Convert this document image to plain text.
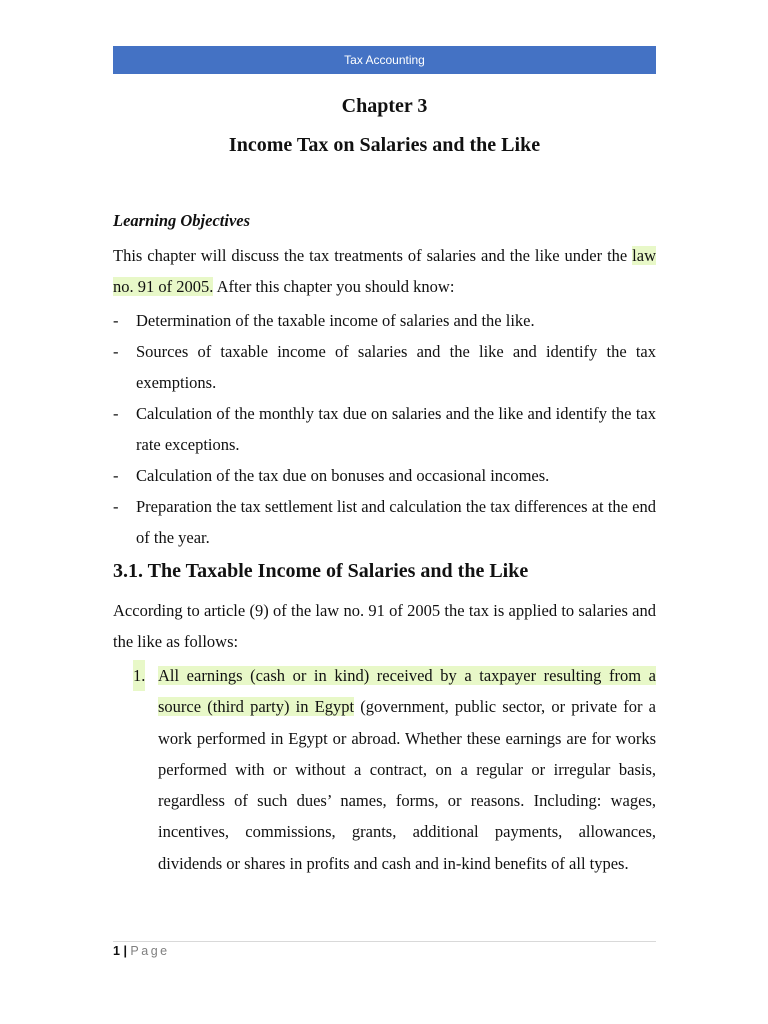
Tax Accounting
Chapter 3
Income Tax on Salaries and the Like
Learning Objectives
This chapter will discuss the tax treatments of salaries and the like under the law no. 91 of 2005. After this chapter you should know:
- Determination of the taxable income of salaries and the like.
- Sources of taxable income of salaries and the like and identify the tax exemptions.
- Calculation of the monthly tax due on salaries and the like and identify the tax rate exceptions.
- Calculation of the tax due on bonuses and occasional incomes.
- Preparation the tax settlement list and calculation the tax differences at the end of the year.
3.1. The Taxable Income of Salaries and the Like
According to article (9) of the law no. 91 of 2005 the tax is applied to salaries and the like as follows:
1. All earnings (cash or in kind) received by a taxpayer resulting from a source (third party) in Egypt (government, public sector, or private for a work performed in Egypt or abroad. Whether these earnings are for works performed with or without a contract, on a regular or irregular basis, regardless of such dues’ names, forms, or reasons. Including: wages, incentives, commissions, grants, additional payments, allowances, dividends or shares in profits and cash and in-kind benefits of all types.
1 | Page
